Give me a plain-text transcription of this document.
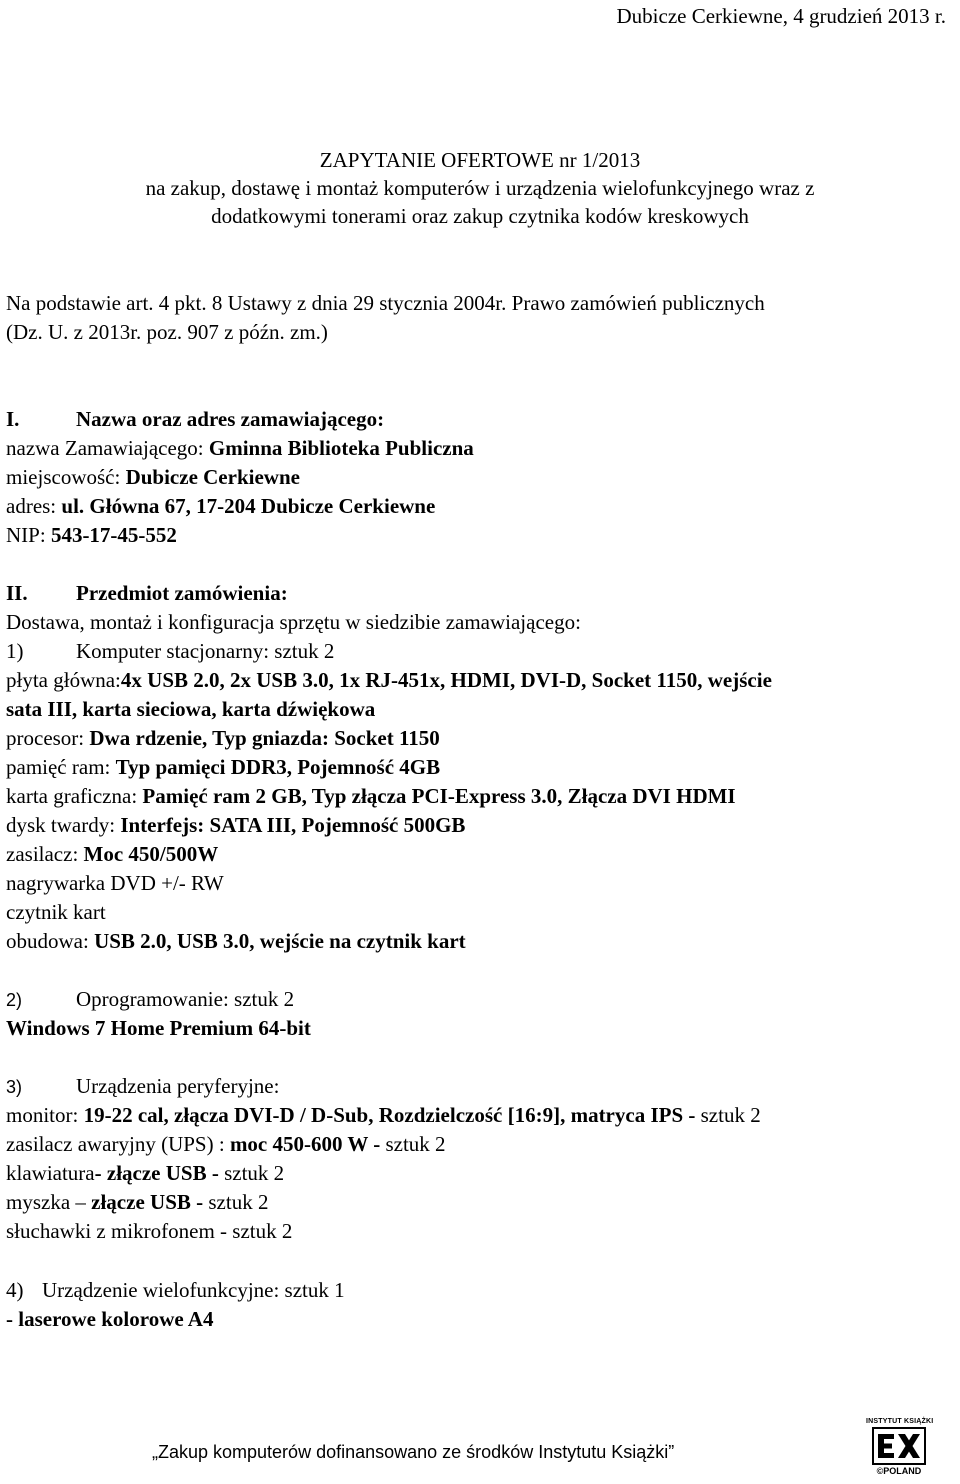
Dubicze Cerkiewne, 4 grudzień 2013 r.
ZAPYTANIE OFERTOWE nr 1/2013
na zakup, dostawę i montaż komputerów i urządzenia wielofunkcyjnego wraz z
dodatkowymi tonerami oraz zakup czytnika kodów kreskowych
Na podstawie art. 4 pkt. 8 Ustawy z dnia 29 stycznia 2004r. Prawo zamówień publicznych
(Dz. U. z 2013r. poz. 907 z późn. zm.)
I.	Nazwa oraz adres zamawiającego:
nazwa Zamawiającego: Gminna Biblioteka Publiczna
miejscowość: Dubicze Cerkiewne
adres: ul. Główna 67, 17-204 Dubicze Cerkiewne
NIP: 543-17-45-552
II. Przedmiot zamówienia:
Dostawa, montaż i konfiguracja sprzętu w siedzibie zamawiającego:
1)	Komputer stacjonarny: sztuk 2
płyta główna:4x USB 2.0, 2x USB 3.0, 1x RJ-451x, HDMI, DVI-D, Socket 1150, wejście
sata III, karta sieciowa, karta dźwiękowa
procesor: Dwa rdzenie, Typ gniazda: Socket 1150
pamięć ram: Typ pamięci DDR3, Pojemność 4GB
karta graficzna: Pamięć ram 2 GB, Typ złącza PCI-Express 3.0, Złącza DVI HDMI
dysk twardy: Interfejs: SATA III, Pojemność 500GB
zasilacz: Moc 450/500W
nagrywarka DVD +/- RW
czytnik kart
obudowa: USB 2.0, USB 3.0, wejście na czytnik kart
2)	Oprogramowanie: sztuk 2
Windows 7 Home Premium 64-bit
3)	Urządzenia peryferyjne:
monitor: 19-22 cal, złącza DVI-D / D-Sub, Rozdzielczość [16:9], matryca IPS - sztuk 2
zasilacz awaryjny (UPS) : moc 450-600 W - sztuk 2
klawiatura- złącze USB - sztuk 2
myszka – złącze USB - sztuk 2
słuchawki z mikrofonem - sztuk 2
4) Urządzenie wielofunkcyjne: sztuk 1
- laserowe kolorowe A4
„Zakup komputerów dofinansowano ze środków Instytutu Książki”
INSTYTUT KSIĄŻKI
©POLAND
